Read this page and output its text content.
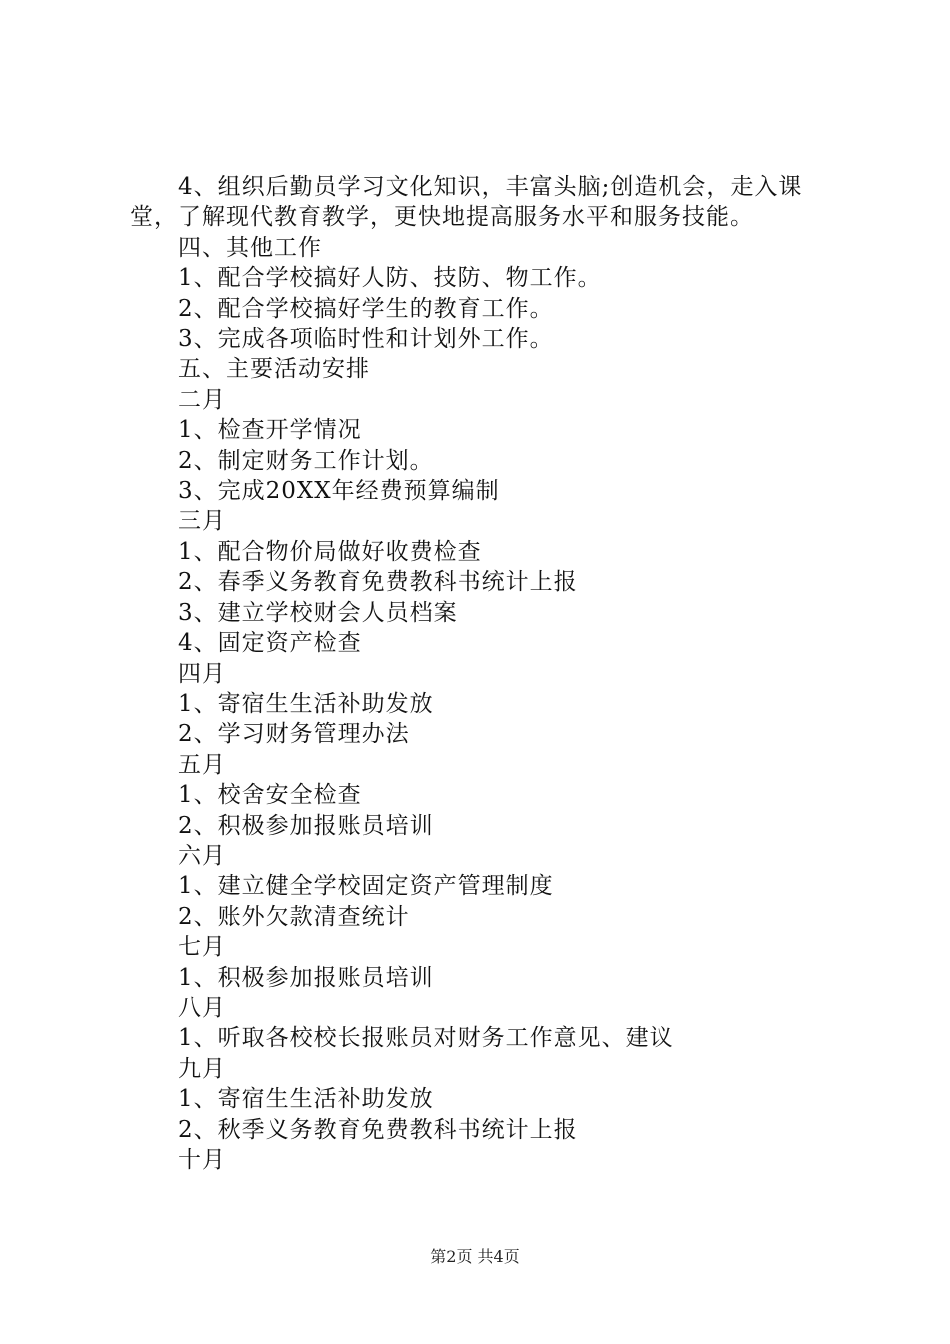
4、组织后勤员学习文化知识，丰富头脑;创造机会，走入课堂，了解现代教育教学，更快地提高服务水平和服务技能。

四、其他工作

1、配合学校搞好人防、技防、物工作。

2、配合学校搞好学生的教育工作。

3、完成各项临时性和计划外工作。

五、主要活动安排

二月

1、检查开学情况

2、制定财务工作计划。

3、完成20XX年经费预算编制

三月

1、配合物价局做好收费检查

2、春季义务教育免费教科书统计上报

3、建立学校财会人员档案

4、固定资产检查

四月

1、寄宿生生活补助发放

2、学习财务管理办法

五月

1、校舍安全检查

2、积极参加报账员培训

六月

1、建立健全学校固定资产管理制度

2、账外欠款清查统计

七月

1、积极参加报账员培训

八月

1、听取各校校长报账员对财务工作意见、建议

九月

1、寄宿生生活补助发放

2、秋季义务教育免费教科书统计上报

十月

第2页 共4页
